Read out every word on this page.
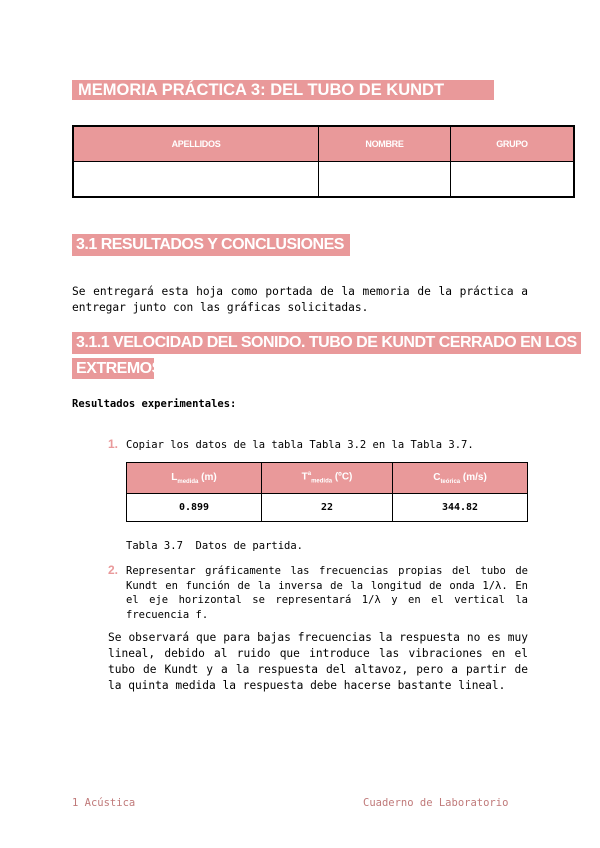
MEMORIA PRÁCTICA 3: DEL TUBO DE KUNDT
APELLIDOS	NOMBRE	GRUPO

3.1 RESULTADOS Y CONCLUSIONES
Se entregará esta hoja como portada de la memoria de la práctica a entregar junto con las gráficas solicitadas.
3.1.1 VELOCIDAD DEL SONIDO. TUBO DE KUNDT CERRADO EN LOS
EXTREMOS
Resultados experimentales:
1. Copiar los datos de la tabla Tabla 3.2 en la Tabla 3.7.
$L_{medida}$ (m)	$T^a_{medida}$ (ºC)	$C_{teórica}$ (m/s)
0.899	22	344.82
Tabla 3.7  Datos de partida.
2. Representar gráficamente las frecuencias propias del tubo de Kundt en función de la inversa de la longitud de onda 1/λ. En el eje horizontal se representará 1/λ y en el vertical la frecuencia f.
Se observará que para bajas frecuencias la respuesta no es muy lineal, debido al ruido que introduce las vibraciones en el tubo de Kundt y a la respuesta del altavoz, pero a partir de la quinta medida la respuesta debe hacerse bastante lineal.
1 Acústica	Cuaderno de Laboratorio
